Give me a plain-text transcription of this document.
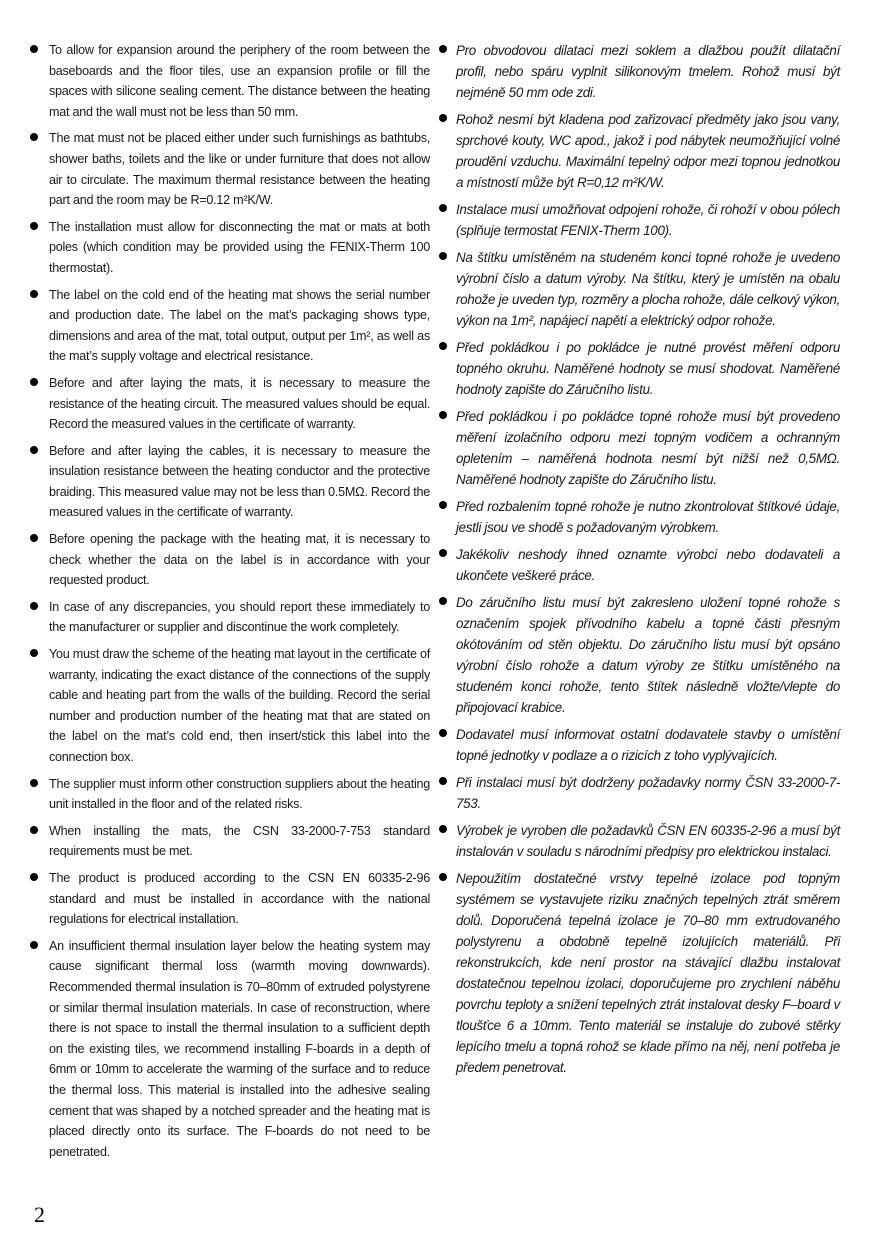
To allow for expansion around the periphery of the room between the baseboards and the floor tiles, use an expansion profile or fill the spaces with silicone sealing cement. The distance between the heating mat and the wall must not be less than 50 mm.
The mat must not be placed either under such furnishings as bathtubs, shower baths, toilets and the like or under furniture that does not allow air to circulate. The maximum thermal resistance between the heating part and the room may be R=0.12 m²K/W.
The installation must allow for disconnecting the mat or mats at both poles (which condition may be provided using the FENIX-Therm 100 thermostat).
The label on the cold end of the heating mat shows the serial number and production date. The label on the mat’s packaging shows type, dimensions and area of the mat, total output, output per 1m², as well as the mat’s supply voltage and electrical resistance.
Before and after laying the mats, it is necessary to measure the resistance of the heating circuit. The measured values should be equal. Record the measured values in the certificate of warranty.
Before and after laying the cables, it is necessary to measure the insulation resistance between the heating conductor and the protective braiding. This measured value may not be less than 0.5MΩ. Record the measured values in the certificate of warranty.
Before opening the package with the heating mat, it is necessary to check whether the data on the label is in accordance with your requested product.
In case of any discrepancies, you should report these immediately to the manufacturer or supplier and discontinue the work completely.
You must draw the scheme of the heating mat layout in the certificate of warranty, indicating the exact distance of the connections of the supply cable and heating part from the walls of the building. Record the serial number and production number of the heating mat that are stated on the label on the mat’s cold end, then insert/stick this label into the connection box.
The supplier must inform other construction suppliers about the heating unit installed in the floor and of the related risks.
When installing the mats, the CSN 33-2000-7-753 standard requirements must be met.
The product is produced according to the CSN EN 60335-2-96 standard and must be installed in accordance with the national regulations for electrical installation.
An insufficient thermal insulation layer below the heating system may cause significant thermal loss (warmth moving downwards). Recommended thermal insulation is 70–80mm of extruded polystyrene or similar thermal insulation materials. In case of reconstruction, where there is not space to install the thermal insulation to a sufficient depth on the existing tiles, we recommend installing F-boards in a depth of 6mm or 10mm to accelerate the warming of the surface and to reduce the thermal loss. This material is installed into the adhesive sealing cement that was shaped by a notched spreader and the heating mat is placed directly onto its surface. The F-boards do not need to be penetrated.
Pro obvodovou dilataci mezi soklem a dlažbou použít dilatační profil, nebo spáru vyplnit silikonovým tmelem. Rohož musí být nejméně 50 mm ode zdi.
Rohož nesmí být kladena pod zařizovací předměty jako jsou vany, sprchové kouty, WC apod., jakož i pod nábytek neumožňující volné proudění vzduchu. Maximální tepelný odpor mezi topnou jednotkou a místností může být R=0,12 m²K/W.
Instalace musí umožňovat odpojení rohože, či rohoží v obou pólech (splňuje termostat FENIX-Therm 100).
Na štítku umístěném na studeném konci topné rohože je uvedeno výrobní číslo a datum výroby. Na štítku, který je umístěn na obalu rohože je uveden typ, rozměry a plocha rohože, dále celkový výkon, výkon na 1m², napájecí napětí a elektrický odpor rohože.
Před pokládkou i po pokládce je nutné provést měření odporu topného okruhu. Naměřené hodnoty se musí shodovat. Naměřené hodnoty zapište do Záručního listu.
Před pokládkou i po pokládce topné rohože musí být provedeno měření izolačního odporu mezi topným vodičem a ochranným opletením – naměřená hodnota nesmí být nižší než 0,5MΩ. Naměřené hodnoty zapište do Záručního listu.
Před rozbalením topné rohože je nutno zkontrolovat štítkové údaje, jestli jsou ve shodě s požadovaným výrobkem.
Jakékoliv neshody ihned oznamte výrobci nebo dodavateli a ukončete veškeré práce.
Do záručního listu musí být zakresleno uložení topné rohože s označením spojek přívodního kabelu a topné části přesným okótováním od stěn objektu. Do záručního listu musí být opsáno výrobní číslo rohože a datum výroby ze štítku umístěného na studeném konci rohože, tento štítek následně vložte/vlepte do připojovací krabice.
Dodavatel musí informovat ostatní dodavatele stavby o umístění topné jednotky v podlaze a o rizicích z toho vyplývajících.
Při instalaci musí být dodrženy požadavky normy ČSN 33-2000-7-753.
Výrobek je vyroben dle požadavků ČSN EN 60335-2-96 a musí být instalován v souladu s národními předpisy pro elektrickou instalaci.
Nepoužitím dostatečné vrstvy tepelné izolace pod topným systémem se vystavujete riziku značných tepelných ztrát směrem dolů. Doporučená tepelná izolace je 70–80 mm extrudovaného polystyrenu a obdobně tepelně izolujících materiálů. Při rekonstrukcích, kde není prostor na stávající dlažbu instalovat dostatečnou tepelnou izolaci, doporučujeme pro zrychlení náběhu povrchu teploty a snížení tepelných ztrát instalovat desky F–board v tloušťce 6 a 10mm. Tento materiál se instaluje do zubové stěrky lepícího tmelu a topná rohož se klade přímo na něj, není potřeba je předem penetrovat.
2
